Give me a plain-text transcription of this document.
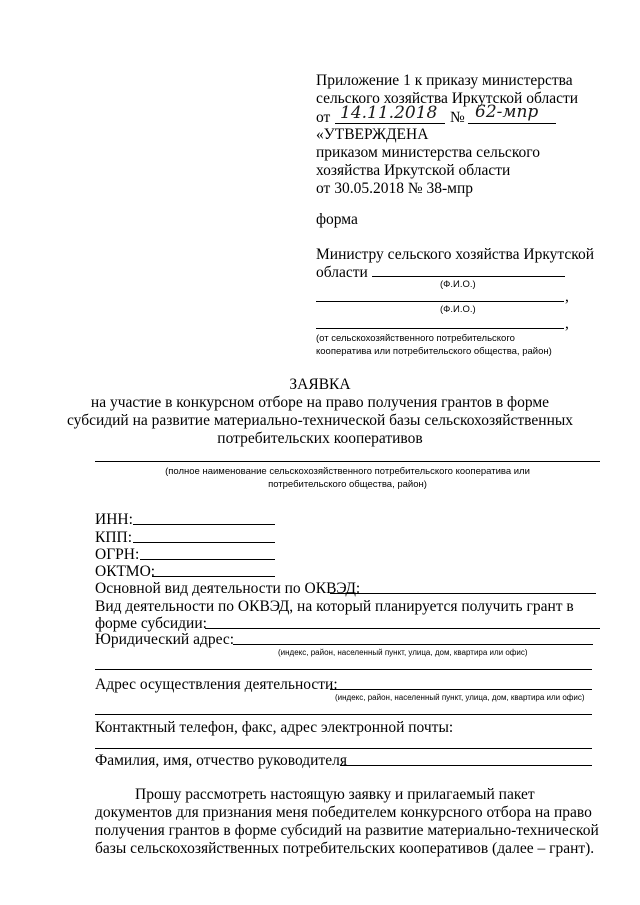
Приложение 1 к приказу министерства
сельского хозяйства Иркутской области
от 14.11.2018 № 62-мпр
«УТВЕРЖДЕНА
приказом министерства сельского
хозяйства Иркутской области
от 30.05.2018 № 38-мпр
форма
Министру сельского хозяйства Иркутской
области
(Ф.И.О.)
,
(Ф.И.О.)
,
(от сельскохозяйственного потребительского
кооператива или потребительского общества, район)
ЗАЯВКА
на участие в конкурсном отборе на право получения грантов в форме
субсидий на развитие материально-технической базы сельскохозяйственных
потребительских кооперативов
(полное наименование сельскохозяйственного потребительского кооператива или
потребительского общества, район)
ИНН:
КПП:
ОГРН:
ОКТМО:
Основной вид деятельности по ОКВЭД:
Вид деятельности по ОКВЭД, на который планируется получить грант в
форме субсидии:
Юридический адрес:
(индекс, район, населенный пункт, улица, дом, квартира или офис)
Адрес осуществления деятельности:
(индекс, район, населенный пункт, улица, дом, квартира или офис)
Контактный телефон, факс, адрес электронной почты:
Фамилия, имя, отчество руководителя
Прошу рассмотреть настоящую заявку и прилагаемый пакет
документов для признания меня победителем конкурсного отбора на право
получения грантов в форме субсидий на развитие материально-технической
базы сельскохозяйственных потребительских кооперативов (далее – грант).
